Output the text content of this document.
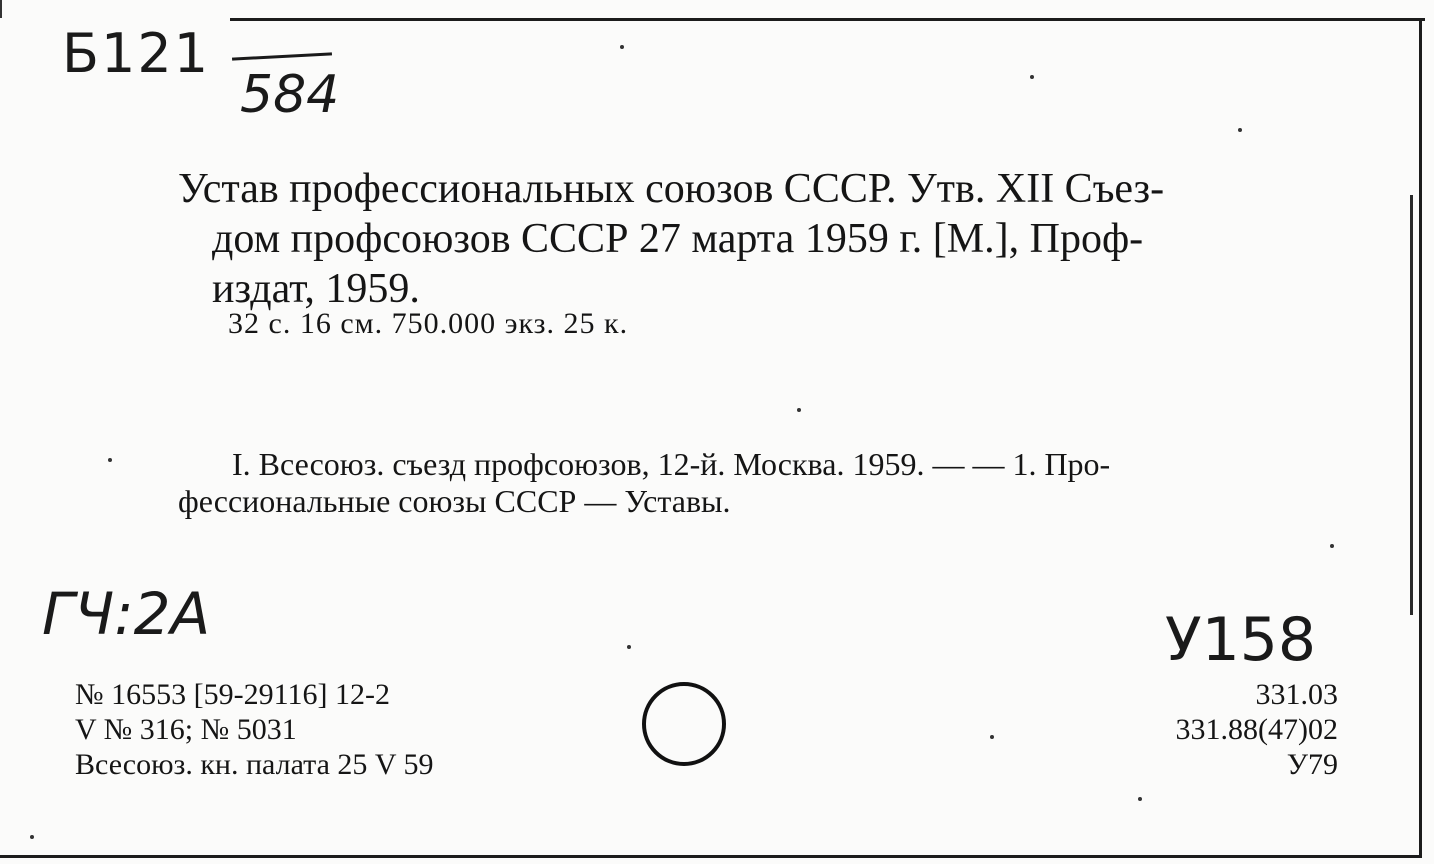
Б121
584
Устав профессиональных союзов СССР. Утв. XII Съез-
дом профсоюзов СССР 27 марта 1959 г. [М.], Проф-
издат, 1959.
32 с. 16 см. 750.000 экз. 25 к.
I. Всесоюз. съезд профсоюзов, 12-й. Москва. 1959. — — 1. Про-
фессиональные союзы СССР — Уставы.
ГЧ:2А	У158
№ 16553 [59-29116] 12-2
V № 316; № 5031
Всесоюз. кн. палата 25 V 59
331.03
331.88(47)02
У79
